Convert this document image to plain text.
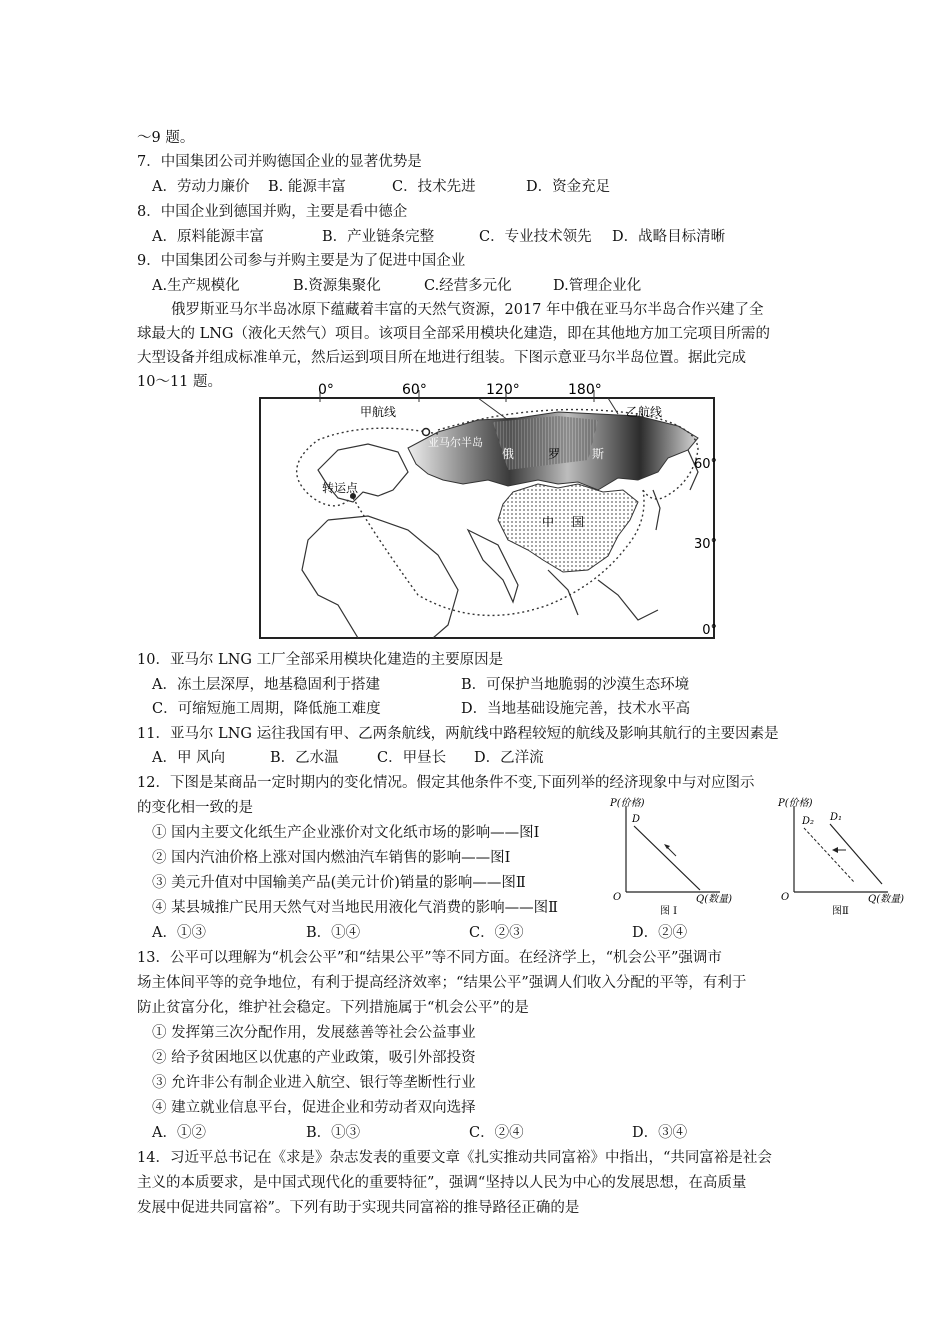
～9 题。
7．中国集团公司并购德国企业的显著优势是
A．劳动力廉价 B. 能源丰富	C．技术先进	D．资金充足
8．中国企业到德国并购，主要是看中德企
A．原料能源丰富	B．产业链条完整	C．专业技术领先 D．战略目标清晰
9．中国集团公司参与并购主要是为了促进中国企业
A.生产规模化	B.资源集聚化	C.经营多元化	D.管理企业化
俄罗斯亚马尔半岛冰原下蕴藏着丰富的天然气资源，2017 年中俄在亚马尔半岛合作兴建了全
球最大的 LNG（液化天然气）项目。该项目全部采用模块化建造，即在其他地方加工完项目所需的
大型设备并组成标准单元，然后运到项目所在地进行组装。下图示意亚马尔半岛位置。据此完成
10～11 题。	0°	60°	120°	180°
60°
30°
0°
甲航线	乙航线
亚马尔半岛
俄	罗	斯
中 国
转运点
10．亚马尔 LNG 工厂全部采用模块化建造的主要原因是
A．冻土层深厚，地基稳固利于搭建	B．可保护当地脆弱的沙漠生态环境
C．可缩短施工周期，降低施工难度	D．当地基础设施完善，技术水平高
11．亚马尔 LNG 运往我国有甲、乙两条航线，两航线中路程较短的航线及影响其航行的主要因素是
A．甲 风向	B．乙水温	C．甲昼长 D．乙洋流
12．下图是某商品一定时期内的变化情况。假定其他条件不变,下面列举的经济现象中与对应图示
的变化相一致的是
① 国内主要文化纸生产企业涨价对文化纸市场的影响——图Ⅰ
② 国内汽油价格上涨对国内燃油汽车销售的影响——图Ⅰ
③ 美元升值对中国输美产品(美元计价)销量的影响——图Ⅱ
④ 某县城推广民用天然气对当地民用液化气消费的影响——图Ⅱ
A．①③	B．①④	C．②③	D．②④
P(价格)
D
O	Q(数量)
图 Ⅰ
P(价格)
D₂ D₁
O	Q(数量)
图Ⅱ
13．公平可以理解为“机会公平”和“结果公平”等不同方面。在经济学上，“机会公平”强调市
场主体间平等的竞争地位，有利于提高经济效率；“结果公平”强调人们收入分配的平等，有利于
防止贫富分化，维护社会稳定。下列措施属于“机会公平”的是
① 发挥第三次分配作用，发展慈善等社会公益事业
② 给予贫困地区以优惠的产业政策，吸引外部投资
③ 允许非公有制企业进入航空、银行等垄断性行业
④ 建立就业信息平台，促进企业和劳动者双向选择
A．①②	B．①③	C．②④	D．③④
14．习近平总书记在《求是》杂志发表的重要文章《扎实推动共同富裕》中指出，“共同富裕是社会
主义的本质要求，是中国式现代化的重要特征”，强调“坚持以人民为中心的发展思想，在高质量
发展中促进共同富裕”。下列有助于实现共同富裕的推导路径正确的是
